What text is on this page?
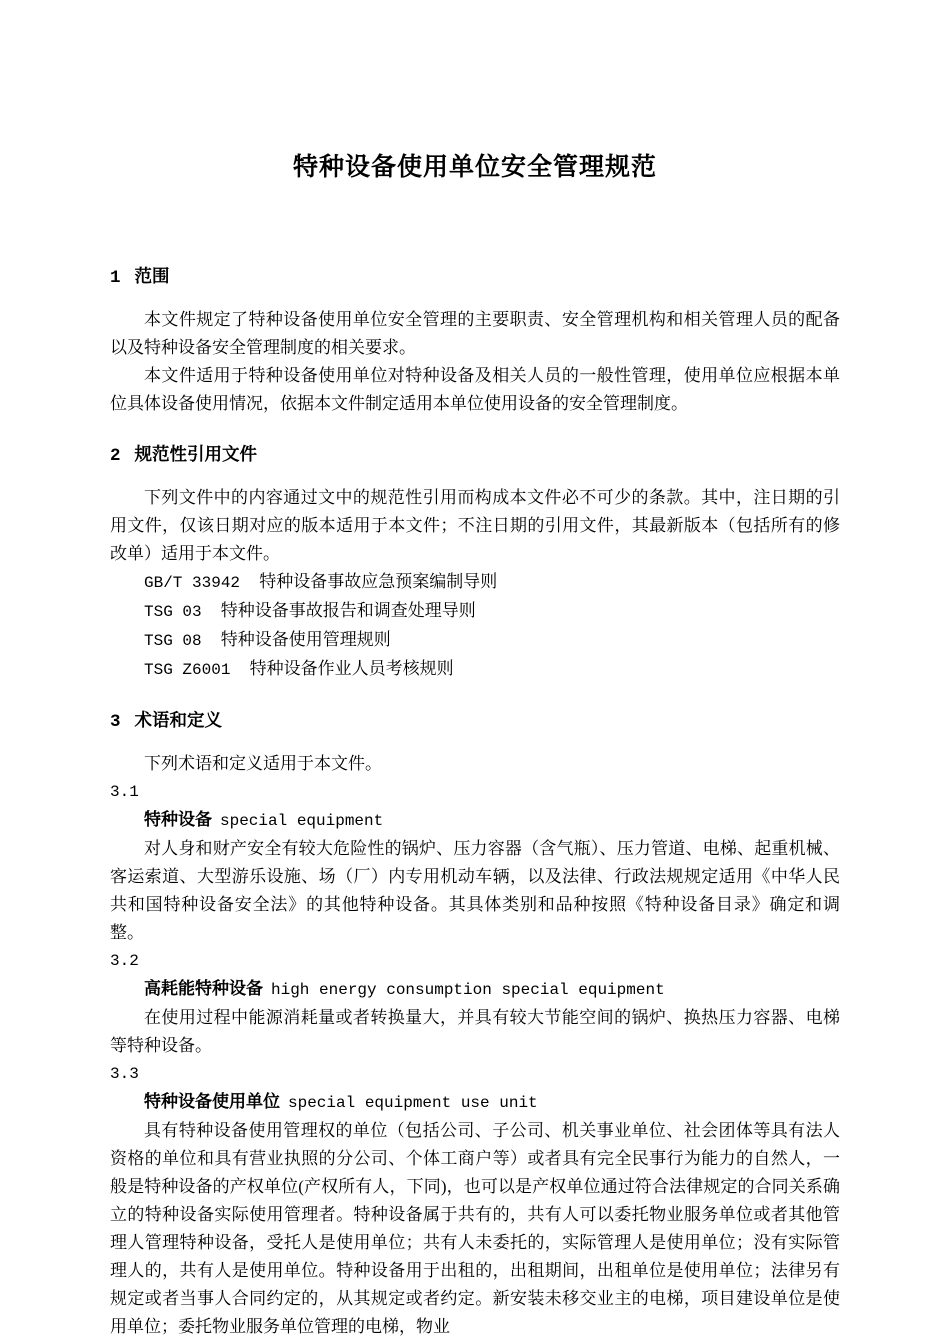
特种设备使用单位安全管理规范
1 范围

本文件规定了特种设备使用单位安全管理的主要职责、安全管理机构和相关管理人员的配备以及特种设备安全管理制度的相关要求。

本文件适用于特种设备使用单位对特种设备及相关人员的一般性管理，使用单位应根据本单位具体设备使用情况，依据本文件制定适用本单位使用设备的安全管理制度。

2 规范性引用文件

下列文件中的内容通过文中的规范性引用而构成本文件必不可少的条款。其中，注日期的引用文件，仅该日期对应的版本适用于本文件；不注日期的引用文件，其最新版本（包括所有的修改单）适用于本文件。

GB/T 33942 特种设备事故应急预案编制导则
TSG 03 特种设备事故报告和调查处理导则
TSG 08 特种设备使用管理规则
TSG Z6001 特种设备作业人员考核规则
3 术语和定义

下列术语和定义适用于本文件。

3.1
特种设备 special equipment

对人身和财产安全有较大危险性的锅炉、压力容器（含气瓶）、压力管道、电梯、起重机械、客运索道、大型游乐设施、场（厂）内专用机动车辆，以及法律、行政法规规定适用《中华人民共和国特种设备安全法》的其他特种设备。其具体类别和品种按照《特种设备目录》确定和调整。

3.2
高耗能特种设备 high energy consumption special equipment

在使用过程中能源消耗量或者转换量大，并具有较大节能空间的锅炉、换热压力容器、电梯等特种设备。

3.3
特种设备使用单位 special equipment use unit

具有特种设备使用管理权的单位（包括公司、子公司、机关事业单位、社会团体等具有法人资格的单位和具有营业执照的分公司、个体工商户等）或者具有完全民事行为能力的自然人，一般是特种设备的产权单位(产权所有人，下同)，也可以是产权单位通过符合法律规定的合同关系确立的特种设备实际使用管理者。特种设备属于共有的，共有人可以委托物业服务单位或者其他管理人管理特种设备，受托人是使用单位；共有人未委托的，实际管理人是使用单位；没有实际管理人的，共有人是使用单位。特种设备用于出租的，出租期间，出租单位是使用单位；法律另有规定或者当事人合同约定的，从其规定或者约定。新安装未移交业主的电梯，项目建设单位是使用单位；委托物业服务单位管理的电梯，物业
